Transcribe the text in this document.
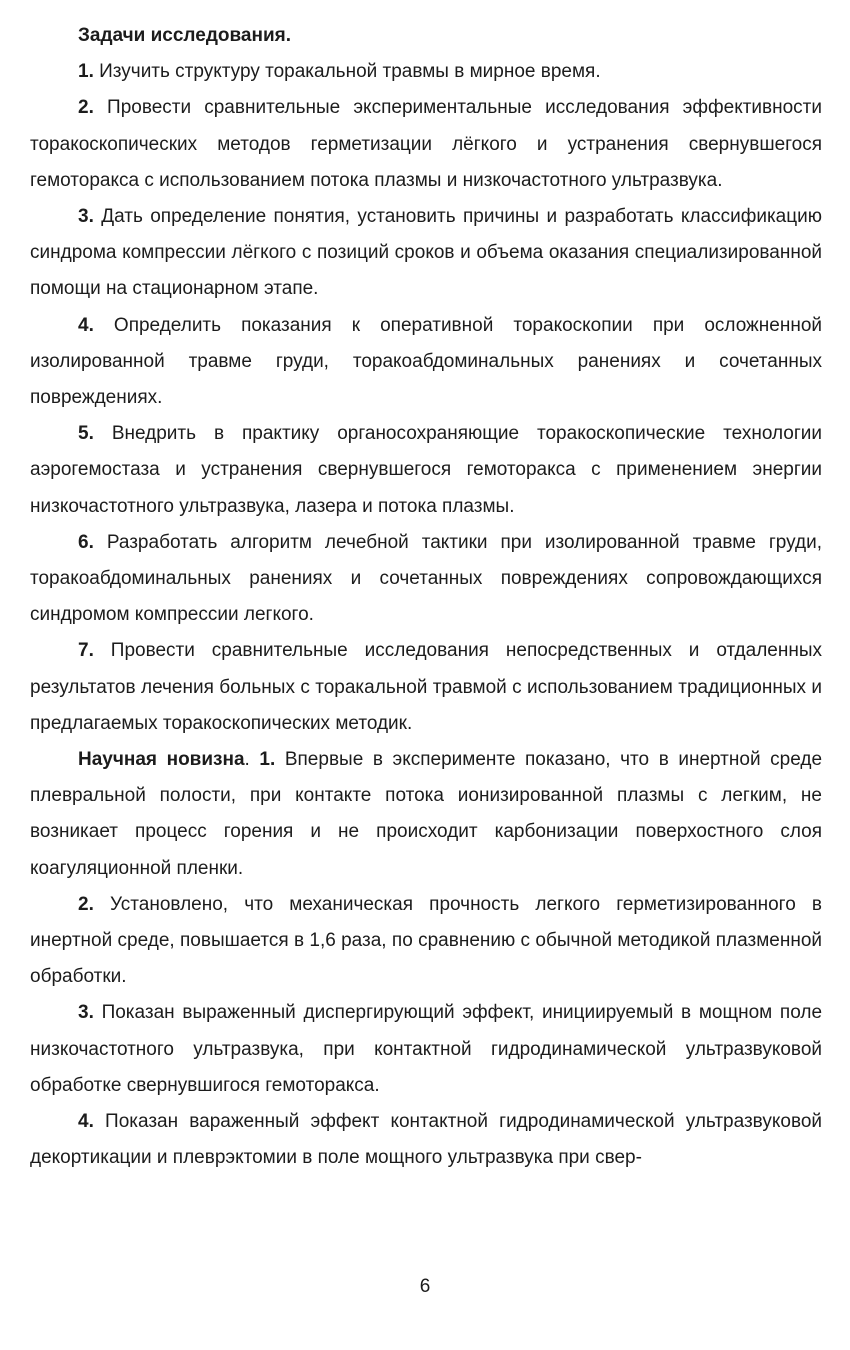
Задачи исследования.

1. Изучить структуру торакальной травмы в мирное время.

2. Провести сравнительные экспериментальные исследования эффективности торакоскопических методов герметизации лёгкого и устранения свернувшегося гемоторакса с использованием потока плазмы и низкочастотного ультразвука.

3. Дать определение понятия, установить причины и разработать классификацию синдрома компрессии лёгкого с позиций сроков и объема оказания специализированной помощи на стационарном этапе.

4. Определить показания к оперативной торакоскопии при осложненной изолированной травме груди, торакоабдоминальных ранениях и сочетанных повреждениях.

5. Внедрить в практику органосохраняющие торакоскопические технологии аэрогемостаза и устранения свернувшегося гемоторакса с применением энергии низкочастотного ультразвука, лазера и потока плазмы.

6. Разработать алгоритм лечебной тактики при изолированной травме груди, торакоабдоминальных ранениях и сочетанных повреждениях сопровождающихся синдромом компрессии легкого.

7. Провести сравнительные исследования непосредственных и отдаленных результатов лечения больных с торакальной травмой с использованием традиционных и предлагаемых торакоскопических методик.

Научная новизна. 1. Впервые в эксперименте показано, что в инертной среде плевральной полости, при контакте потока ионизированной плазмы с легким, не возникает процесс горения и не происходит карбонизации поверхостного слоя коагуляционной пленки.

2. Установлено, что механическая прочность легкого герметизированного в инертной среде, повышается в 1,6 раза, по сравнению с обычной методикой плазменной обработки.

3. Показан выраженный диспергирующий эффект, инициируемый в мощном поле низкочастотного ультразвука, при контактной гидродинамической ультразвуковой обработке свернувшигося гемоторакса.

4. Показан вараженный эффект контактной гидродинамической ультразвуковой декортикации и плеврэктомии в поле мощного ультразвука при свер-

6
